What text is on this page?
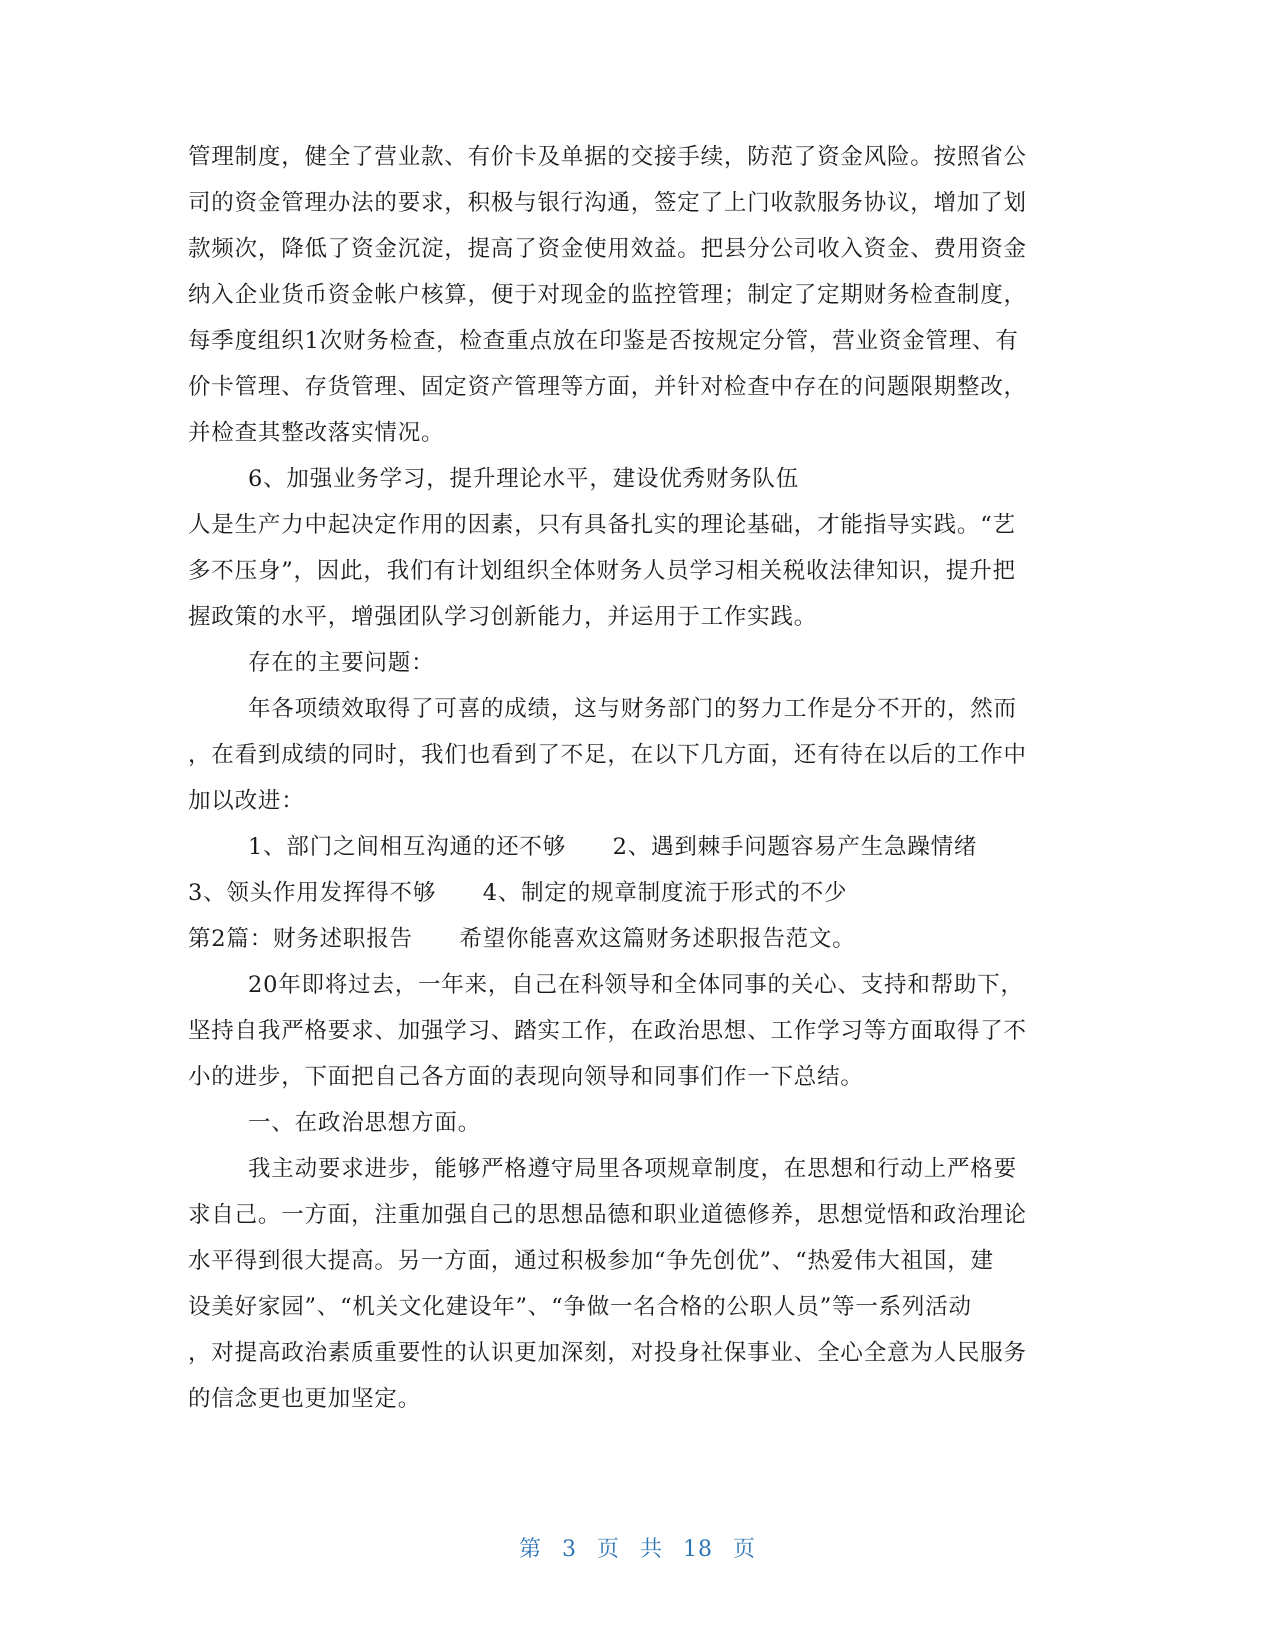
管理制度，健全了营业款、有价卡及单据的交接手续，防范了资金风险。按照省公
司的资金管理办法的要求，积极与银行沟通，签定了上门收款服务协议，增加了划
款频次，降低了资金沉淀，提高了资金使用效益。把县分公司收入资金、费用资金
纳入企业货币资金帐户核算，便于对现金的监控管理；制定了定期财务检查制度，
每季度组织1次财务检查，检查重点放在印鉴是否按规定分管，营业资金管理、有
价卡管理、存货管理、固定资产管理等方面，并针对检查中存在的问题限期整改，
并检查其整改落实情况。
6、加强业务学习，提升理论水平，建设优秀财务队伍
人是生产力中起决定作用的因素，只有具备扎实的理论基础，才能指导实践。“艺
多不压身”，因此，我们有计划组织全体财务人员学习相关税收法律知识，提升把
握政策的水平，增强团队学习创新能力，并运用于工作实践。
存在的主要问题：
年各项绩效取得了可喜的成绩，这与财务部门的努力工作是分不开的，然而
，在看到成绩的同时，我们也看到了不足，在以下几方面，还有待在以后的工作中
加以改进：
1、部门之间相互沟通的还不够　　2、遇到棘手问题容易产生急躁情绪
3、领头作用发挥得不够　　4、制定的规章制度流于形式的不少
第2篇：财务述职报告　　希望你能喜欢这篇财务述职报告范文。
20年即将过去，一年来，自己在科领导和全体同事的关心、支持和帮助下，
坚持自我严格要求、加强学习、踏实工作，在政治思想、工作学习等方面取得了不
小的进步，下面把自己各方面的表现向领导和同事们作一下总结。
一、在政治思想方面。
我主动要求进步，能够严格遵守局里各项规章制度，在思想和行动上严格要
求自己。一方面，注重加强自己的思想品德和职业道德修养，思想觉悟和政治理论
水平得到很大提高。另一方面，通过积极参加“争先创优”、“热爱伟大祖国，建
设美好家园”、“机关文化建设年”、“争做一名合格的公职人员”等一系列活动
，对提高政治素质重要性的认识更加深刻，对投身社保事业、全心全意为人民服务
的信念更也更加坚定。
第 3 页 共 18 页
